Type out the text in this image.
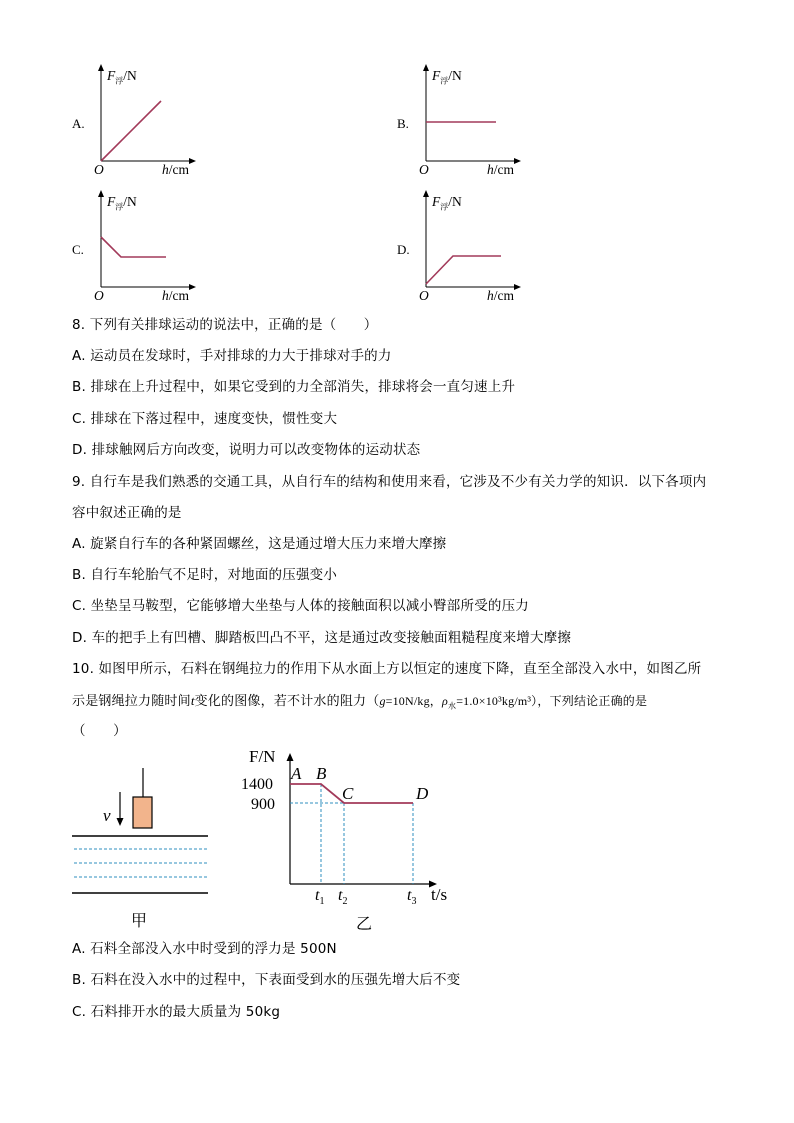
A.
$F_浮/N$
O	h/cm
B.
$F_浮/N$
O	h/cm
C.
$F_浮/N$
O	h/cm
D.
$F_浮/N$
O	h/cm
8. 下列有关排球运动的说法中，正确的是（　　）
A. 运动员在发球时，手对排球的力大于排球对手的力
B. 排球在上升过程中，如果它受到的力全部消失，排球将会一直匀速上升
C. 排球在下落过程中，速度变快，惯性变大
D. 排球触网后方向改变，说明力可以改变物体的运动状态
9. 自行车是我们熟悉的交通工具，从自行车的结构和使用来看，它涉及不少有关力学的知识．以下各项内
容中叙述正确的是
A. 旋紧自行车的各种紧固螺丝，这是通过增大压力来增大摩擦
B. 自行车轮胎气不足时，对地面的压强变小
C. 坐垫呈马鞍型，它能够增大坐垫与人体的接触面积以减小臀部所受的压力
D. 车的把手上有凹槽、脚踏板凹凸不平，这是通过改变接触面粗糙程度来增大摩擦
10. 如图甲所示，石料在钢绳拉力的作用下从水面上方以恒定的速度下降，直至全部没入水中，如图乙所
示是钢绳拉力随时间t变化的图像，若不计水的阻力（g=10N/kg，$\rho_水=1.0\times 10^3kg/m^3$），下列结论正确的是
（　　）
v
甲
F/N
1400
900
A B
C	D
$t_1$ $t_2$	$t_3$ t/s
乙
A. 石料全部没入水中时受到的浮力是 500N
B. 石料在没入水中的过程中，下表面受到水的压强先增大后不变
C. 石料排开水的最大质量为 50kg
